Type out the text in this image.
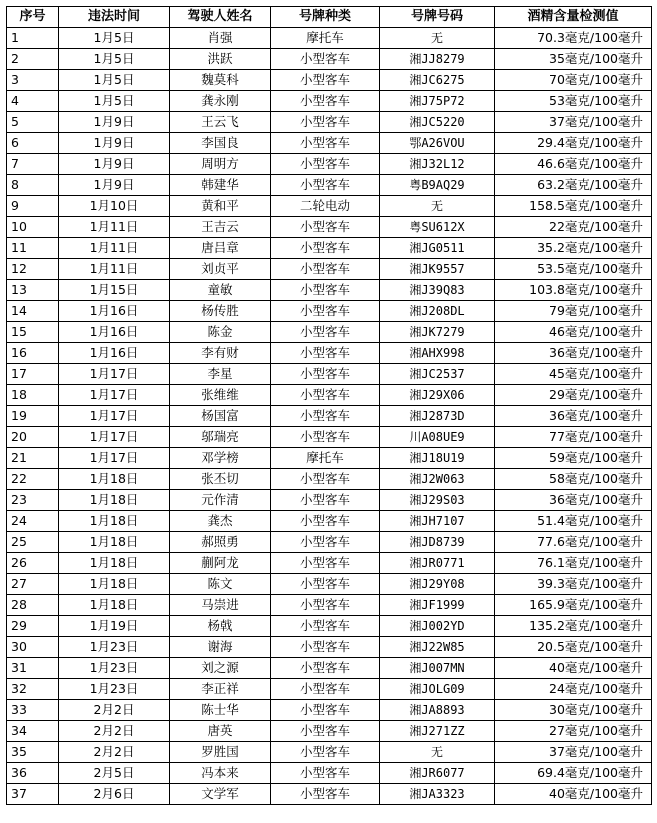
序号	违法时间	驾驶人姓名	号牌种类	号牌号码	酒精含量检测值
1	1月5日	肖强	摩托车	无	70.3毫克/100毫升
2	1月5日	洪跃	小型客车	湘JJ8279	35毫克/100毫升
3	1月5日	魏莫科	小型客车	湘JC6275	70毫克/100毫升
4	1月5日	龚永刚	小型客车	湘J75P72	53毫克/100毫升
5	1月9日	王云飞	小型客车	湘JC5220	37毫克/100毫升
6	1月9日	李国良	小型客车	鄂A26VOU	29.4毫克/100毫升
7	1月9日	周明方	小型客车	湘J32L12	46.6毫克/100毫升
8	1月9日	韩建华	小型客车	粤B9AQ29	63.2毫克/100毫升
9	1月10日	黄和平	二轮电动	无	158.5毫克/100毫升
10	1月11日	王吉云	小型客车	粤SU612X	22毫克/100毫升
11	1月11日	唐吕章	小型客车	湘JG0511	35.2毫克/100毫升
12	1月11日	刘贞平	小型客车	湘JK9557	53.5毫克/100毫升
13	1月15日	童敏	小型客车	湘J39Q83	103.8毫克/100毫升
14	1月16日	杨传胜	小型客车	湘J208DL	79毫克/100毫升
15	1月16日	陈金	小型客车	湘JK7279	46毫克/100毫升
16	1月16日	李有财	小型客车	湘AHX998	36毫克/100毫升
17	1月17日	李星	小型客车	湘JC2537	45毫克/100毫升
18	1月17日	张维维	小型客车	湘J29X06	29毫克/100毫升
19	1月17日	杨国富	小型客车	湘J2873D	36毫克/100毫升
20	1月17日	邬瑞亮	小型客车	川A08UE9	77毫克/100毫升
21	1月17日	邓学榜	摩托车	湘J18U19	59毫克/100毫升
22	1月18日	张丕切	小型客车	湘J2W063	58毫克/100毫升
23	1月18日	元作清	小型客车	湘J29S03	36毫克/100毫升
24	1月18日	龚杰	小型客车	湘JH7107	51.4毫克/100毫升
25	1月18日	郝照勇	小型客车	湘JD8739	77.6毫克/100毫升
26	1月18日	蒯阿龙	小型客车	湘JR0771	76.1毫克/100毫升
27	1月18日	陈文	小型客车	湘J29Y08	39.3毫克/100毫升
28	1月18日	马崇进	小型客车	湘JF1999	165.9毫克/100毫升
29	1月19日	杨戟	小型客车	湘J002YD	135.2毫克/100毫升
30	1月23日	谢海	小型客车	湘J22W85	20.5毫克/100毫升
31	1月23日	刘之源	小型客车	湘J007MN	40毫克/100毫升
32	1月23日	李正祥	小型客车	湘JOLG09	24毫克/100毫升
33	2月2日	陈士华	小型客车	湘JA8893	30毫克/100毫升
34	2月2日	唐英	小型客车	湘J271ZZ	27毫克/100毫升
35	2月2日	罗胜国	小型客车	无	37毫克/100毫升
36	2月5日	冯本来	小型客车	湘JR6077	69.4毫克/100毫升
37	2月6日	文学军	小型客车	湘JA3323	40毫克/100毫升
